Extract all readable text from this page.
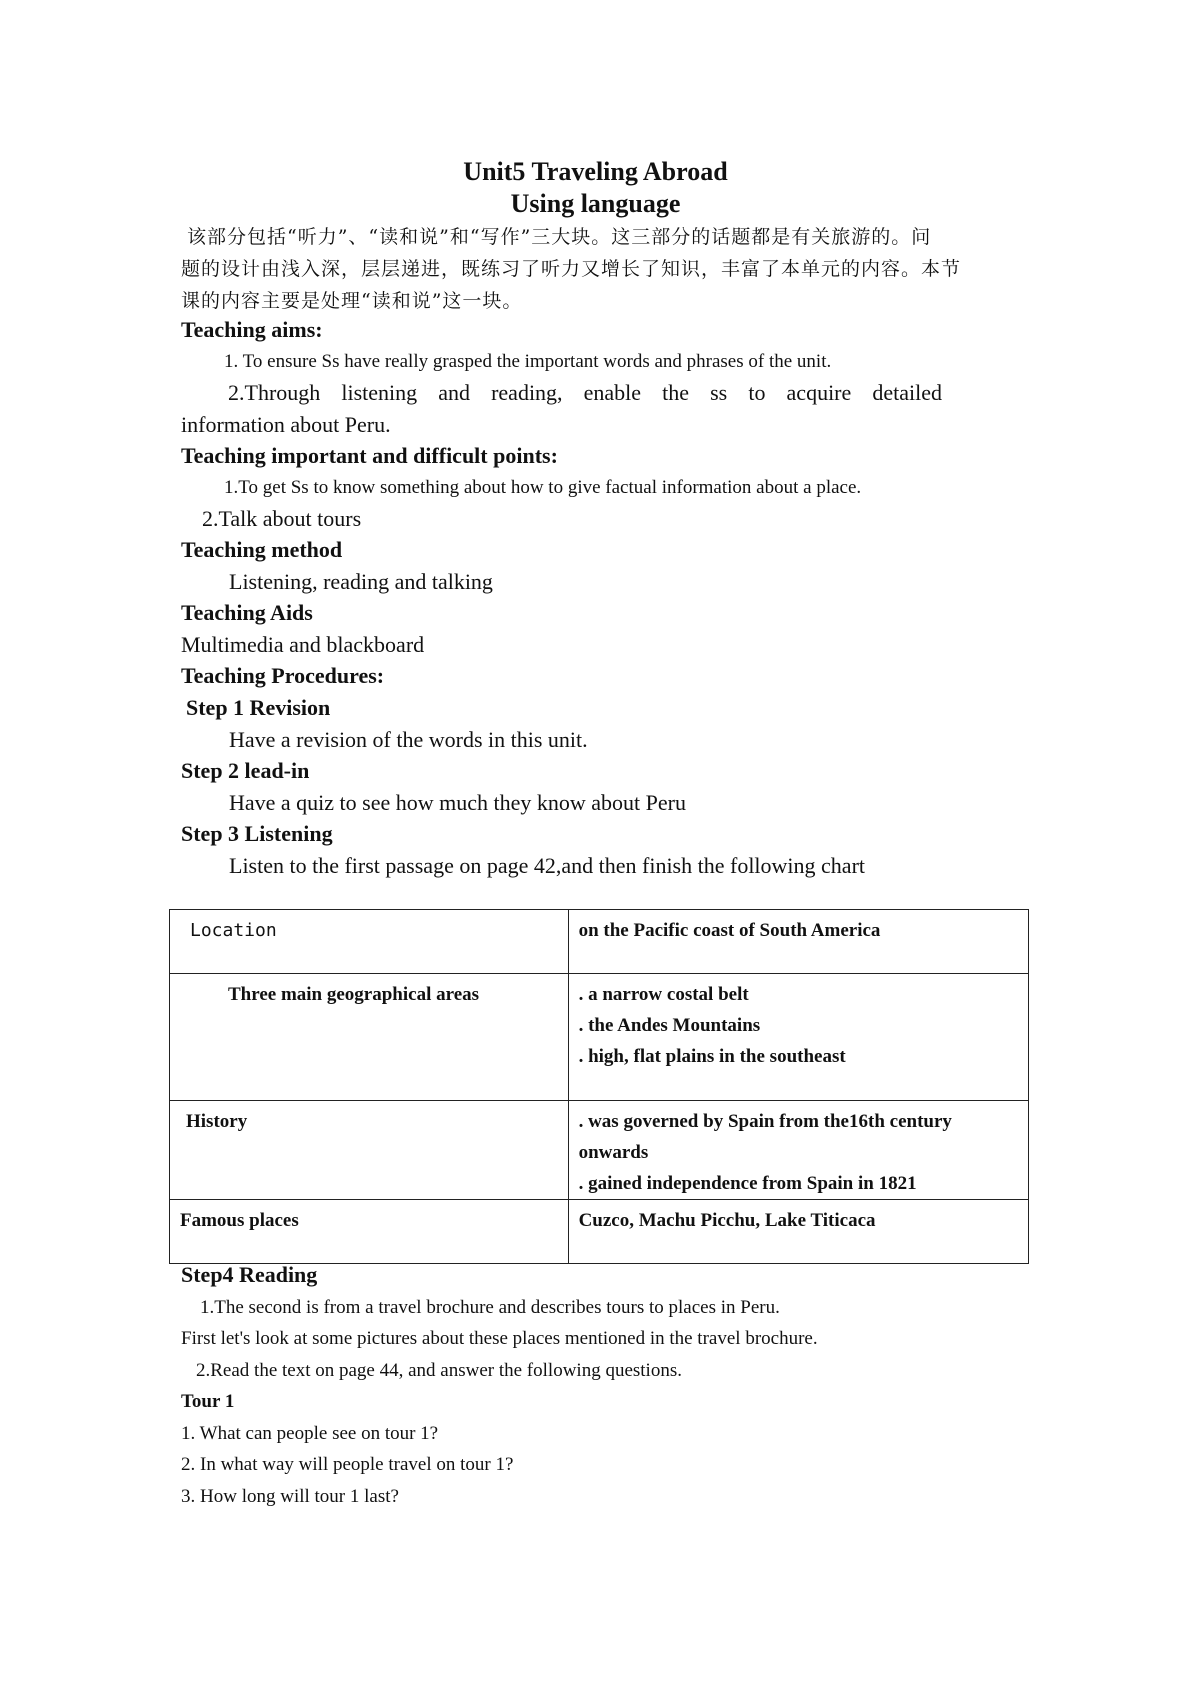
Unit5 Traveling Abroad
Using language
该部分包括“听力”、“读和说”和“写作”三大块。这三部分的话题都是有关旅游的。问
题的设计由浅入深，层层递进，既练习了听力又增长了知识，丰富了本单元的内容。本节
课的内容主要是处理“读和说”这一块。
Teaching aims:
1. To ensure Ss have really grasped the important words and phrases of the unit.
2.Through listening and reading, enable the ss to acquire detailed
information about Peru.
Teaching important and difficult points:
1.To get Ss to know something about how to give factual information about a place.
2.Talk about tours
Teaching method
Listening, reading and talking
Teaching Aids
Multimedia and blackboard
Teaching Procedures:
Step 1 Revision
Have a revision of the words in this unit.
Step 2 lead-in
Have a quiz to see how much they know about Peru
Step 3 Listening
Listen to the first passage on page 42,and then finish the following chart
Location	on the Pacific coast of South America

Three main geographical areas	. a narrow costal belt
. the Andes Mountains
. high, flat plains in the southeast

History	. was governed by Spain from the16th century
onwards
. gained independence from Spain in 1821

Famous places	Cuzco, Machu Picchu, Lake Titicaca
Step4 Reading
1.The second is from a travel brochure and describes tours to places in Peru.
First let's look at some pictures about these places mentioned in the travel brochure.
2.Read the text on page 44, and answer the following questions.
Tour 1
1. What can people see on tour 1?
2. In what way will people travel on tour 1?
3. How long will tour 1 last?
